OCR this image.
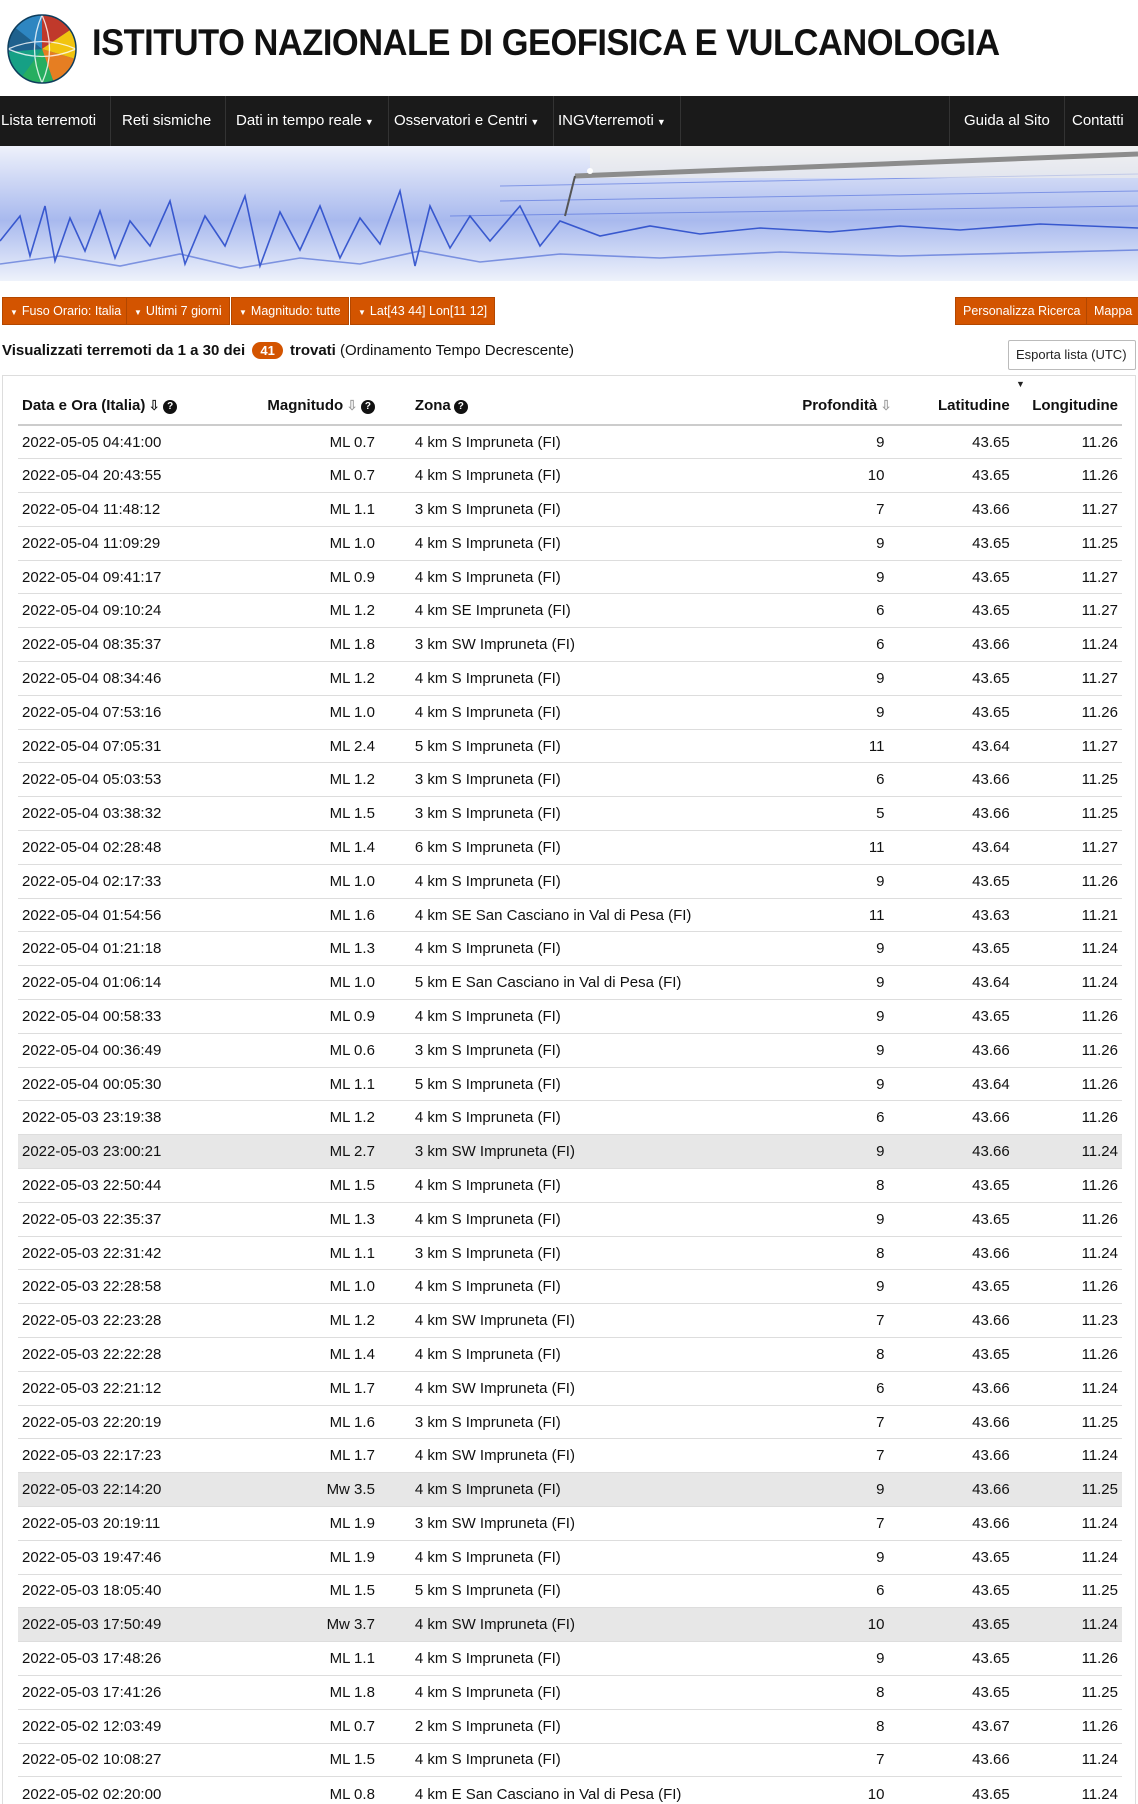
ISTITUTO NAZIONALE DI GEOFISICA E VULCANOLOGIA
Lista terremoti	Reti sismiche	Dati in tempo reale ▼	Osservatori e Centri ▼	INGVterremoti ▼	Guida al Sito	Contatti
▼ Fuso Orario: Italia	▼ Ultimi 7 giorni	▼ Magnitudo: tutte	▼ Lat[43 44] Lon[11 12]	Personalizza Ricerca	Mappa
Visualizzati terremoti da 1 a 30 dei 41 trovati (Ordinamento Tempo Decrescente)	Esporta lista (UTC) ▼
Data e Ora (Italia) ⇩ ?	Magnitudo ⇩ ?	Zona ?	Profondità ⇩	Latitudine	Longitudine
2022-05-05 04:41:00	ML 0.7	4 km S Impruneta (FI)	9	43.65	11.26
2022-05-04 20:43:55	ML 0.7	4 km S Impruneta (FI)	10	43.65	11.26
2022-05-04 11:48:12	ML 1.1	3 km S Impruneta (FI)	7	43.66	11.27
2022-05-04 11:09:29	ML 1.0	4 km S Impruneta (FI)	9	43.65	11.25
2022-05-04 09:41:17	ML 0.9	4 km S Impruneta (FI)	9	43.65	11.27
2022-05-04 09:10:24	ML 1.2	4 km SE Impruneta (FI)	6	43.65	11.27
2022-05-04 08:35:37	ML 1.8	3 km SW Impruneta (FI)	6	43.66	11.24
2022-05-04 08:34:46	ML 1.2	4 km S Impruneta (FI)	9	43.65	11.27
2022-05-04 07:53:16	ML 1.0	4 km S Impruneta (FI)	9	43.65	11.26
2022-05-04 07:05:31	ML 2.4	5 km S Impruneta (FI)	11	43.64	11.27
2022-05-04 05:03:53	ML 1.2	3 km S Impruneta (FI)	6	43.66	11.25
2022-05-04 03:38:32	ML 1.5	3 km S Impruneta (FI)	5	43.66	11.25
2022-05-04 02:28:48	ML 1.4	6 km S Impruneta (FI)	11	43.64	11.27
2022-05-04 02:17:33	ML 1.0	4 km S Impruneta (FI)	9	43.65	11.26
2022-05-04 01:54:56	ML 1.6	4 km SE San Casciano in Val di Pesa (FI)	11	43.63	11.21
2022-05-04 01:21:18	ML 1.3	4 km S Impruneta (FI)	9	43.65	11.24
2022-05-04 01:06:14	ML 1.0	5 km E San Casciano in Val di Pesa (FI)	9	43.64	11.24
2022-05-04 00:58:33	ML 0.9	4 km S Impruneta (FI)	9	43.65	11.26
2022-05-04 00:36:49	ML 0.6	3 km S Impruneta (FI)	9	43.66	11.26
2022-05-04 00:05:30	ML 1.1	5 km S Impruneta (FI)	9	43.64	11.26
2022-05-03 23:19:38	ML 1.2	4 km S Impruneta (FI)	6	43.66	11.26
2022-05-03 23:00:21	ML 2.7	3 km SW Impruneta (FI)	9	43.66	11.24
2022-05-03 22:50:44	ML 1.5	4 km S Impruneta (FI)	8	43.65	11.26
2022-05-03 22:35:37	ML 1.3	4 km S Impruneta (FI)	9	43.65	11.26
2022-05-03 22:31:42	ML 1.1	3 km S Impruneta (FI)	8	43.66	11.24
2022-05-03 22:28:58	ML 1.0	4 km S Impruneta (FI)	9	43.65	11.26
2022-05-03 22:23:28	ML 1.2	4 km SW Impruneta (FI)	7	43.66	11.23
2022-05-03 22:22:28	ML 1.4	4 km S Impruneta (FI)	8	43.65	11.26
2022-05-03 22:21:12	ML 1.7	4 km SW Impruneta (FI)	6	43.66	11.24
2022-05-03 22:20:19	ML 1.6	3 km S Impruneta (FI)	7	43.66	11.25
2022-05-03 22:17:23	ML 1.7	4 km SW Impruneta (FI)	7	43.66	11.24
2022-05-03 22:14:20	Mw 3.5	4 km S Impruneta (FI)	9	43.66	11.25
2022-05-03 20:19:11	ML 1.9	3 km SW Impruneta (FI)	7	43.66	11.24
2022-05-03 19:47:46	ML 1.9	4 km S Impruneta (FI)	9	43.65	11.24
2022-05-03 18:05:40	ML 1.5	5 km S Impruneta (FI)	6	43.65	11.25
2022-05-03 17:50:49	Mw 3.7	4 km SW Impruneta (FI)	10	43.65	11.24
2022-05-03 17:48:26	ML 1.1	4 km S Impruneta (FI)	9	43.65	11.26
2022-05-03 17:41:26	ML 1.8	4 km S Impruneta (FI)	8	43.65	11.25
2022-05-02 12:03:49	ML 0.7	2 km S Impruneta (FI)	8	43.67	11.26
2022-05-02 10:08:27	ML 1.5	4 km S Impruneta (FI)	7	43.66	11.24
2022-05-02 02:20:00	ML 0.8	4 km E San Casciano in Val di Pesa (FI)	10	43.65	11.24
